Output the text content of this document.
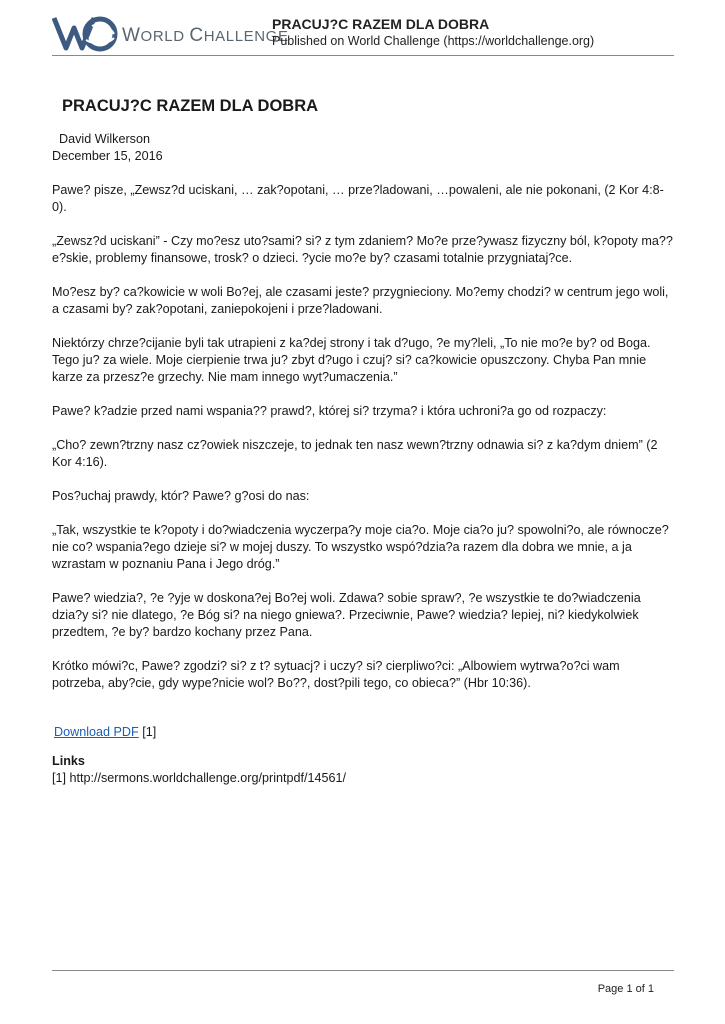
WORLD CHALLENGE
PRACUJ?C RAZEM DLA DOBRA
Published on World Challenge (https://worldchallenge.org)
PRACUJ?C RAZEM DLA DOBRA
David Wilkerson
December 15, 2016

Pawe? pisze, „Zewsz?d uciskani, … zak?opotani, … prze?ladowani, …powaleni, ale nie pokonani, (2 Kor 4:8-0).

„Zewsz?d uciskani” - Czy mo?esz uto?sami? si? z tym zdaniem? Mo?e prze?ywasz fizyczny ból, k?opoty ma??e?skie, problemy finansowe, trosk? o dzieci. ?ycie mo?e by? czasami totalnie przygniataj?ce.

Mo?esz by? ca?kowicie w woli Bo?ej, ale czasami jeste? przygnieciony. Mo?emy chodzi? w centrum jego woli, a czasami by? zak?opotani, zaniepokojeni i prze?ladowani.

Niektórzy chrze?cijanie byli tak utrapieni z ka?dej strony i tak d?ugo, ?e my?leli, „To nie mo?e by? od Boga. Tego ju? za wiele. Moje cierpienie trwa ju? zbyt d?ugo i czuj? si? ca?kowicie opuszczony. Chyba Pan mnie karze za przesz?e grzechy. Nie mam innego wyt?umaczenia.”

Pawe? k?adzie przed nami wspania?? prawd?, której si? trzyma? i która uchroni?a go od rozpaczy:

„Cho? zewn?trzny nasz cz?owiek niszczeje, to jednak ten nasz wewn?trzny odnawia si? z ka?dym dniem” (2 Kor 4:16).

Pos?uchaj prawdy, któr? Pawe? g?osi do nas:

„Tak, wszystkie te k?opoty i do?wiadczenia wyczerpa?y moje cia?o. Moje cia?o ju? spowolni?o, ale równocze?nie co? wspania?ego dzieje si? w mojej duszy. To wszystko wspó?dzia?a razem dla dobra we mnie, a ja wzrastam w poznaniu Pana i Jego dróg.”

Pawe? wiedzia?, ?e ?yje w doskona?ej Bo?ej woli. Zdawa? sobie spraw?, ?e wszystkie te do?wiadczenia dzia?y si? nie dlatego, ?e Bóg si? na niego gniewa?. Przeciwnie, Pawe? wiedzia? lepiej, ni? kiedykolwiek przedtem, ?e by? bardzo kochany przez Pana.

Krótko mówi?c, Pawe? zgodzi? si? z t? sytuacj? i uczy? si? cierpliwo?ci: „Albowiem wytrwa?o?ci wam potrzeba, aby?cie, gdy wype?nicie wol? Bo??, dost?pili tego, co obieca?” (Hbr 10:36).

Download PDF [1]
Links
[1] http://sermons.worldchallenge.org/printpdf/14561/
Page 1 of 1
